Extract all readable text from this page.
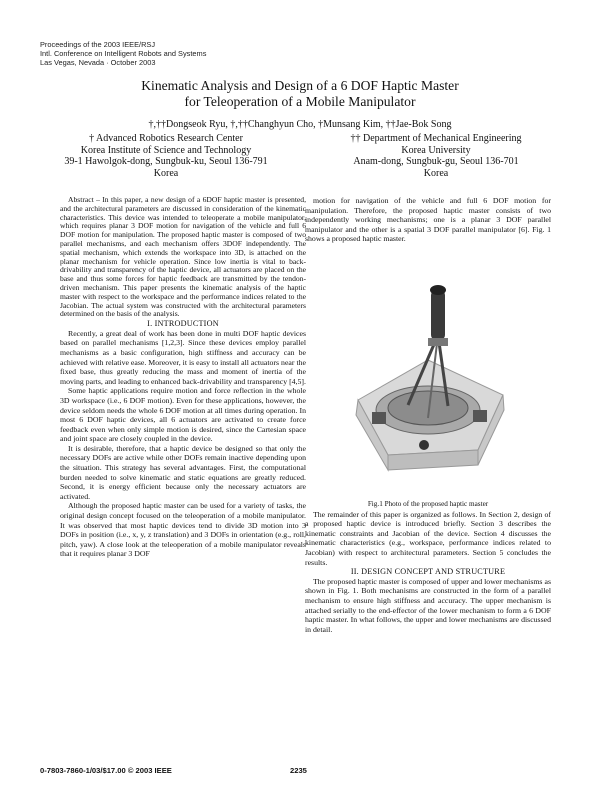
Proceedings of the 2003 IEEE/RSJ
Intl. Conference on Intelligent Robots and Systems
Las Vegas, Nevada · October 2003
Kinematic Analysis and Design of a 6 DOF Haptic Master
for Teleoperation of a Mobile Manipulator
†,††Dongseok Ryu, †,††Changhyun Cho, †Munsang Kim, ††Jae-Bok Song
† Advanced Robotics Research Center
Korea Institute of Science and Technology
39-1 Hawolgok-dong, Sungbuk-ku, Seoul 136-791
Korea
†† Department of Mechanical Engineering
Korea University
Anam-dong, Sungbuk-gu, Seoul 136-701
Korea

Abstract – In this paper, a new design of a 6DOF haptic master is presented, and the architectural parameters are discussed in consideration of the kinematic characteristics. This device was intended to teleoperate a mobile manipulator, which requires planar 3 DOF motion for navigation of the vehicle and full 6 DOF motion for manipulation. The proposed haptic master is composed of two parallel mechanisms, and each mechanism offers 3DOF independently. The spatial mechanism, which extends the workspace into 3D, is attached on the planar mechanism for vehicle operation. Since low inertia is vital to back-drivability and transparency of the haptic device, all actuators are placed on the base and thus some forces for haptic feedback are transmitted by the tendon-driven mechanism. This paper presents the kinematic analysis of the haptic master with respect to the workspace and the performance indices related to the Jacobian. The actual system was constructed with the architectural parameters determined on the basis of the analysis.

I. INTRODUCTION

Recently, a great deal of work has been done in multi DOF haptic devices based on parallel mechanisms [1,2,3]. Since these devices employ parallel mechanisms as a basic configuration, high stiffness and accuracy can be achieved with relative ease. Moreover, it is easy to install all actuators near the fixed base, thus greatly reducing the mass and moment of inertia of the moving parts, and leading to enhanced back-drivability and transparency [4,5].

Some haptic applications require motion and force reflection in the whole 3D workspace (i.e., 6 DOF motion). Even for these applications, however, the device seldom needs the whole 6 DOF motion at all times during operation. In most 6 DOF haptic devices, all 6 actuators are activated to create force feedback even when only simple motion is desired, since the Cartesian space and joint space are closely coupled in the device.

It is desirable, therefore, that a haptic device be designed so that only the necessary DOFs are active while other DOFs remain inactive depending upon the situation. This strategy has several advantages. First, the computational burden needed to solve kinematic and static equations are greatly reduced. Second, it is energy efficient because only the necessary actuators are activated.

Although the proposed haptic master can be used for a variety of tasks, the original design concept focused on the teleoperation of a mobile manipulator. It was observed that most haptic devices tend to divide 3D motion into 3 DOFs in position (i.e., x, y, z translation) and 3 DOFs in orientation (e.g., roll, pitch, yaw). A close look at the teleoperation of a mobile manipulator reveals that it requires planar 3 DOF

motion for navigation of the vehicle and full 6 DOF motion for manipulation. Therefore, the proposed haptic master consists of two independently working mechanisms; one is a planar 3 DOF parallel manipulator and the other is a spatial 3 DOF parallel manipulator [6]. Fig. 1 shows a proposed haptic master.

Fig.1 Photo of the proposed haptic master

The remainder of this paper is organized as follows. In Section 2, design of a proposed haptic device is introduced briefly. Section 3 describes the kinematic constraints and Jacobian of the device. Section 4 discusses the kinematic characteristics (e.g., workspace, performance indices related to Jacobian) with respect to architectural parameters. Section 5 concludes the results.

II. DESIGN CONCEPT AND STRUCTURE

The proposed haptic master is composed of upper and lower mechanisms as shown in Fig. 1. Both mechanisms are constructed in the form of a parallel mechanism to ensure high stiffness and accuracy. The upper mechanism is attached serially to the end-effector of the lower mechanism to form a 6 DOF haptic master. In what follows, the upper and lower mechanisms are discussed in detail.

0-7803-7860-1/03/$17.00 © 2003 IEEE	2235
